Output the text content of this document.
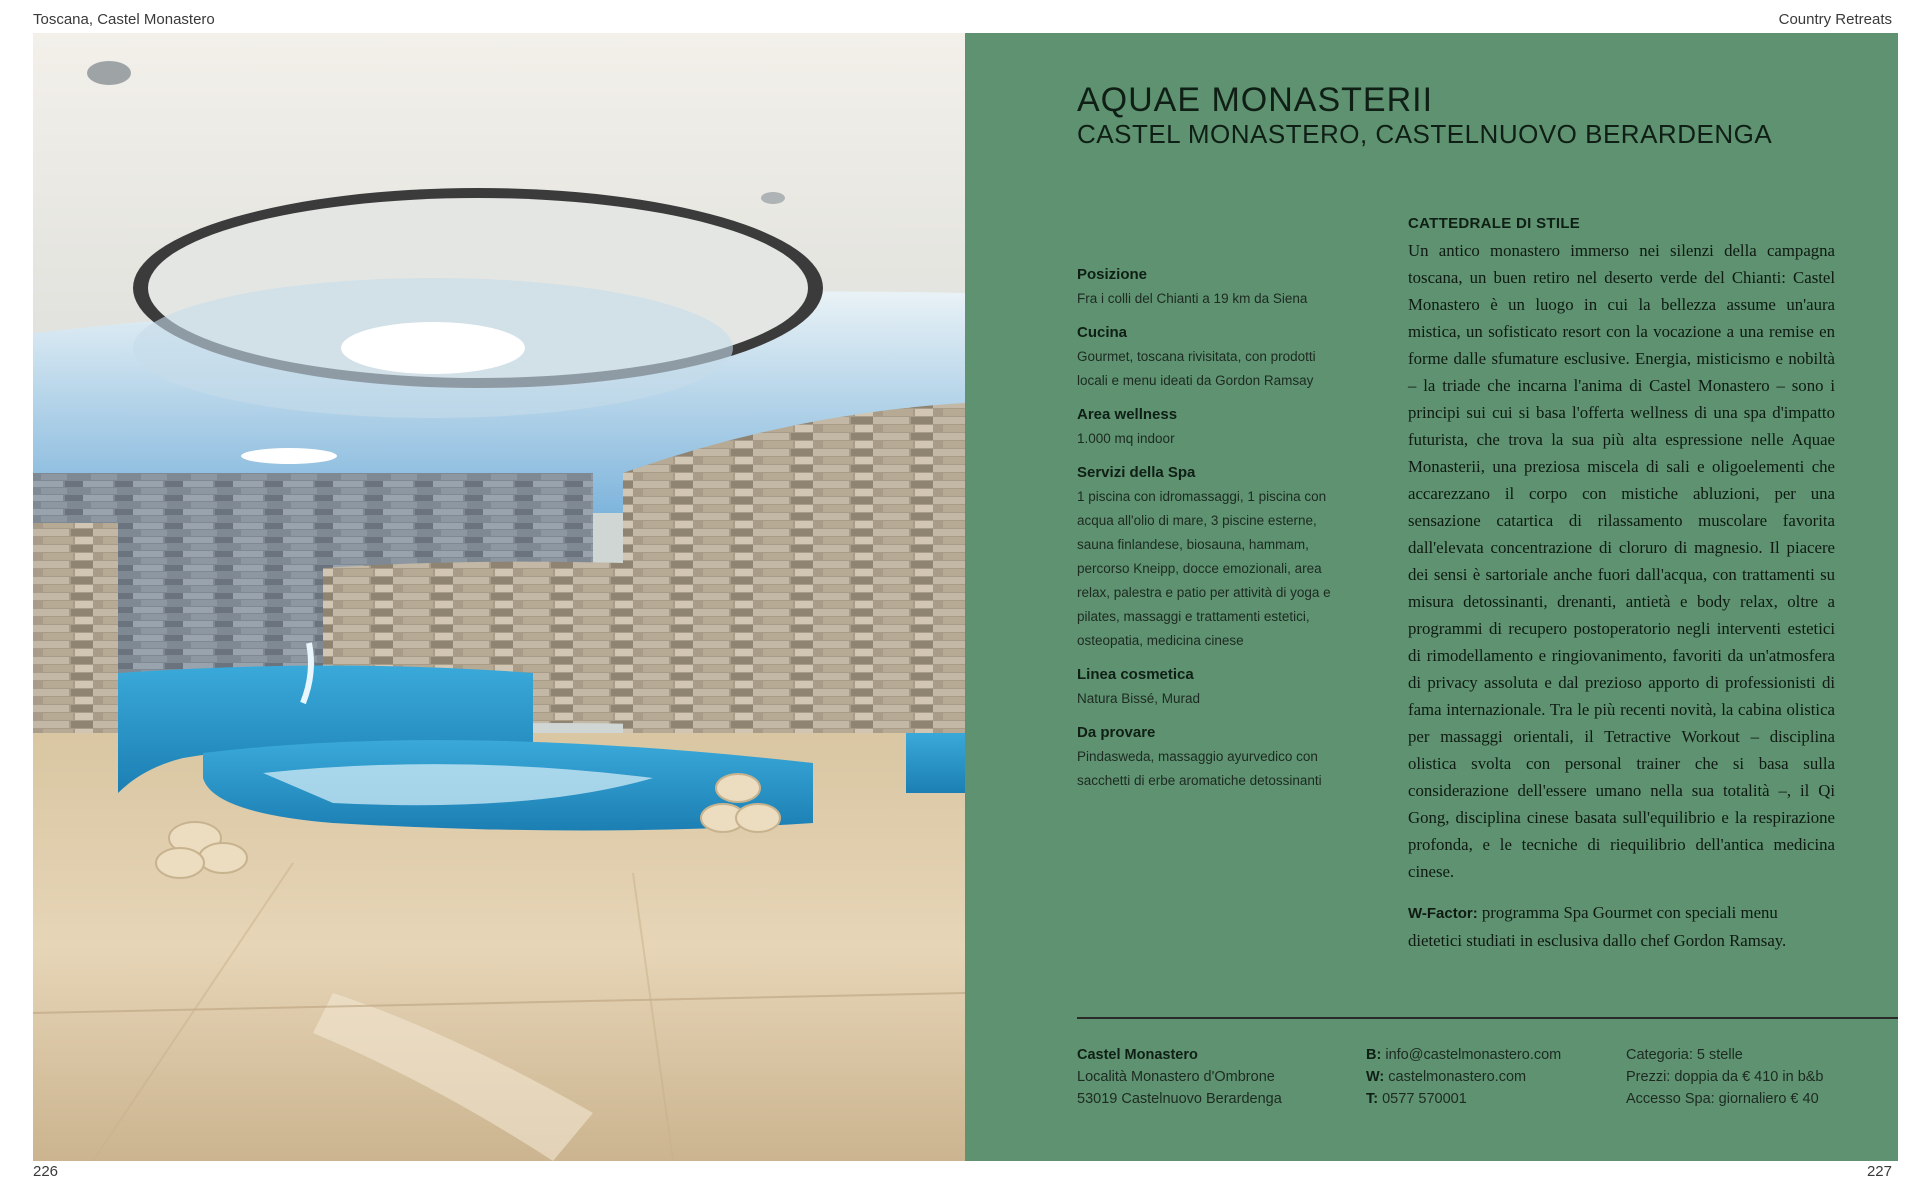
Toscana, Castel Monastero	Country Retreats
AQUAE MONASTERII
CASTEL MONASTERO, CASTELNUOVO BERARDENGA
Posizione
Fra i colli del Chianti a 19 km da Siena
Cucina
Gourmet, toscana rivisitata, con prodotti locali e menu ideati da Gordon Ramsay
Area wellness
1.000 mq indoor
Servizi della Spa
1 piscina con idromassaggi, 1 piscina con acqua all'olio di mare, 3 piscine esterne, sauna finlandese, biosauna, hammam, percorso Kneipp, docce emozionali, area relax, palestra e patio per attività di yoga e pilates, massaggi e trattamenti estetici, osteopatia, medicina cinese
Linea cosmetica
Natura Bissé, Murad
Da provare
Pindasweda, massaggio ayurvedico con sacchetti di erbe aromatiche detossinanti
CATTEDRALE DI STILE

Un antico monastero immerso nei silenzi della campagna toscana, un buen retiro nel deserto verde del Chianti: Castel Monastero è un luogo in cui la bellezza assume un'aura mistica, un sofisticato resort con la vocazione a una remise en forme dalle sfumature esclusive. Energia, misticismo e nobiltà – la triade che incarna l'anima di Castel Monastero – sono i principi sui cui si basa l'offerta wellness di una spa d'impatto futurista, che trova la sua più alta espressione nelle Aquae Monasterii, una preziosa miscela di sali e oligoelementi che accarezzano il corpo con mistiche abluzioni, per una sensazione catartica di rilassamento muscolare favorita dall'elevata concentrazione di cloruro di magnesio. Il piacere dei sensi è sartoriale anche fuori dall'acqua, con trattamenti su misura detossinanti, drenanti, antietà e body relax, oltre a programmi di recupero postoperatorio negli interventi estetici di rimodellamento e ringiovanimento, favoriti da un'atmosfera di privacy assoluta e dal prezioso apporto di professionisti di fama internazionale. Tra le più recenti novità, la cabina olistica per massaggi orientali, il Tetractive Workout – disciplina olistica svolta con personal trainer che si basa sulla considerazione dell'essere umano nella sua totalità –, il Qi Gong, disciplina cinese basata sull'equilibrio e la respirazione profonda, e le tecniche di riequilibrio dell'antica medicina cinese.

W-Factor: programma Spa Gourmet con speciali menu dietetici studiati in esclusiva dallo chef Gordon Ramsay.

Castel Monastero
Località Monastero d'Ombrone
53019 Castelnuovo Berardenga
B: info@castelmonastero.com
W: castelmonastero.com
T: 0577 570001
Categoria: 5 stelle
Prezzi: doppia da € 410 in b&b
Accesso Spa: giornaliero € 40
226	227
